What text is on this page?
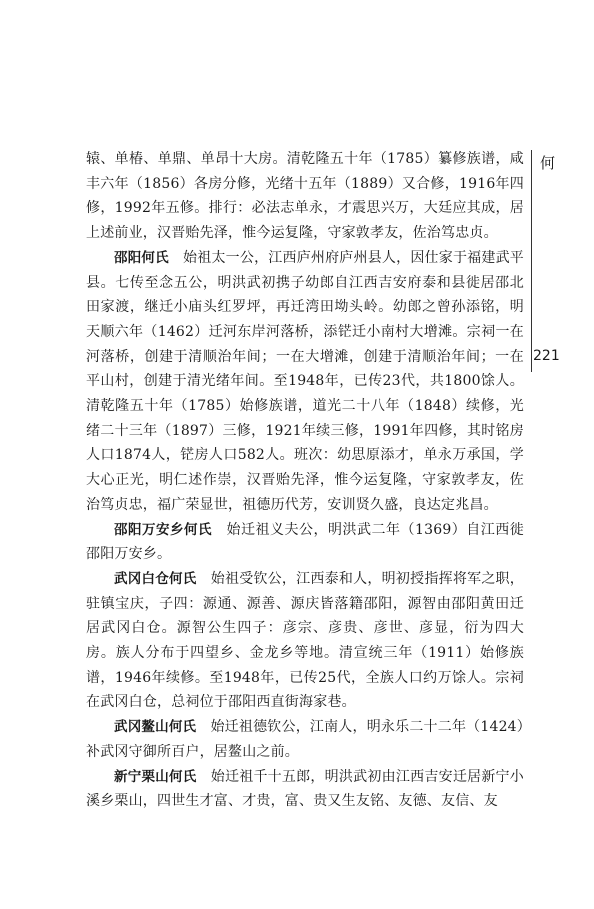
何
221

辕、单椿、单鼎、单昂十大房。清乾隆五十年（1785）纂修族谱，咸丰六年（1856）各房分修，光绪十五年（1889）又合修，1916年四修，1992年五修。排行：必法志单永，才震思兴万，大廷应其成，居上述前业，汉晋贻先泽，惟今运复隆，守家敦孝友，佐治笃忠贞。

邵阳何氏　始祖太一公，江西庐州府庐州县人，因仕家于福建武平县。七传至念五公，明洪武初携子幼郎自江西吉安府泰和县徙居邵北田家渡，继迁小庙头红罗坪，再迁湾田坳头岭。幼郎之曾孙添铭，明天顺六年（1462）迁河东岸河落桥，添铓迁小南村大增滩。宗祠一在河落桥，创建于清顺治年间；一在大增滩，创建于清顺治年间；一在平山村，创建于清光绪年间。至1948年，已传23代，共1800馀人。清乾隆五十年（1785）始修族谱，道光二十八年（1848）续修，光绪二十三年（1897）三修，1921年续三修，1991年四修，其时铭房人口1874人，铓房人口582人。班次：幼思原添才，单永万承国，学大心正光，明仁述作崇，汉晋贻先泽，惟今运复隆，守家敦孝友，佐治笃贞忠，福广荣显世，祖德历代芳，安训贤久盛，良达定兆昌。

邵阳万安乡何氏　始迁祖义夫公，明洪武二年（1369）自江西徙邵阳万安乡。

武冈白仓何氏　始祖受钦公，江西泰和人，明初授指挥将军之职，驻镇宝庆，子四：源通、源善、源庆皆落籍邵阳，源智由邵阳黄田迁居武冈白仓。源智公生四子：彦宗、彦贵、彦世、彦显，衍为四大房。族人分布于四望乡、金龙乡等地。清宣统三年（1911）始修族谱，1946年续修。至1948年，已传25代，全族人口约万馀人。宗祠在武冈白仓，总祠位于邵阳西直街海家巷。

武冈鳌山何氏　始迁祖德钦公，江南人，明永乐二十二年（1424）补武冈守御所百户，居鳌山之前。

新宁栗山何氏　始迁祖千十五郎，明洪武初由江西吉安迁居新宁小溪乡栗山，四世生才富、才贵，富、贵又生友铭、友德、友信、友
